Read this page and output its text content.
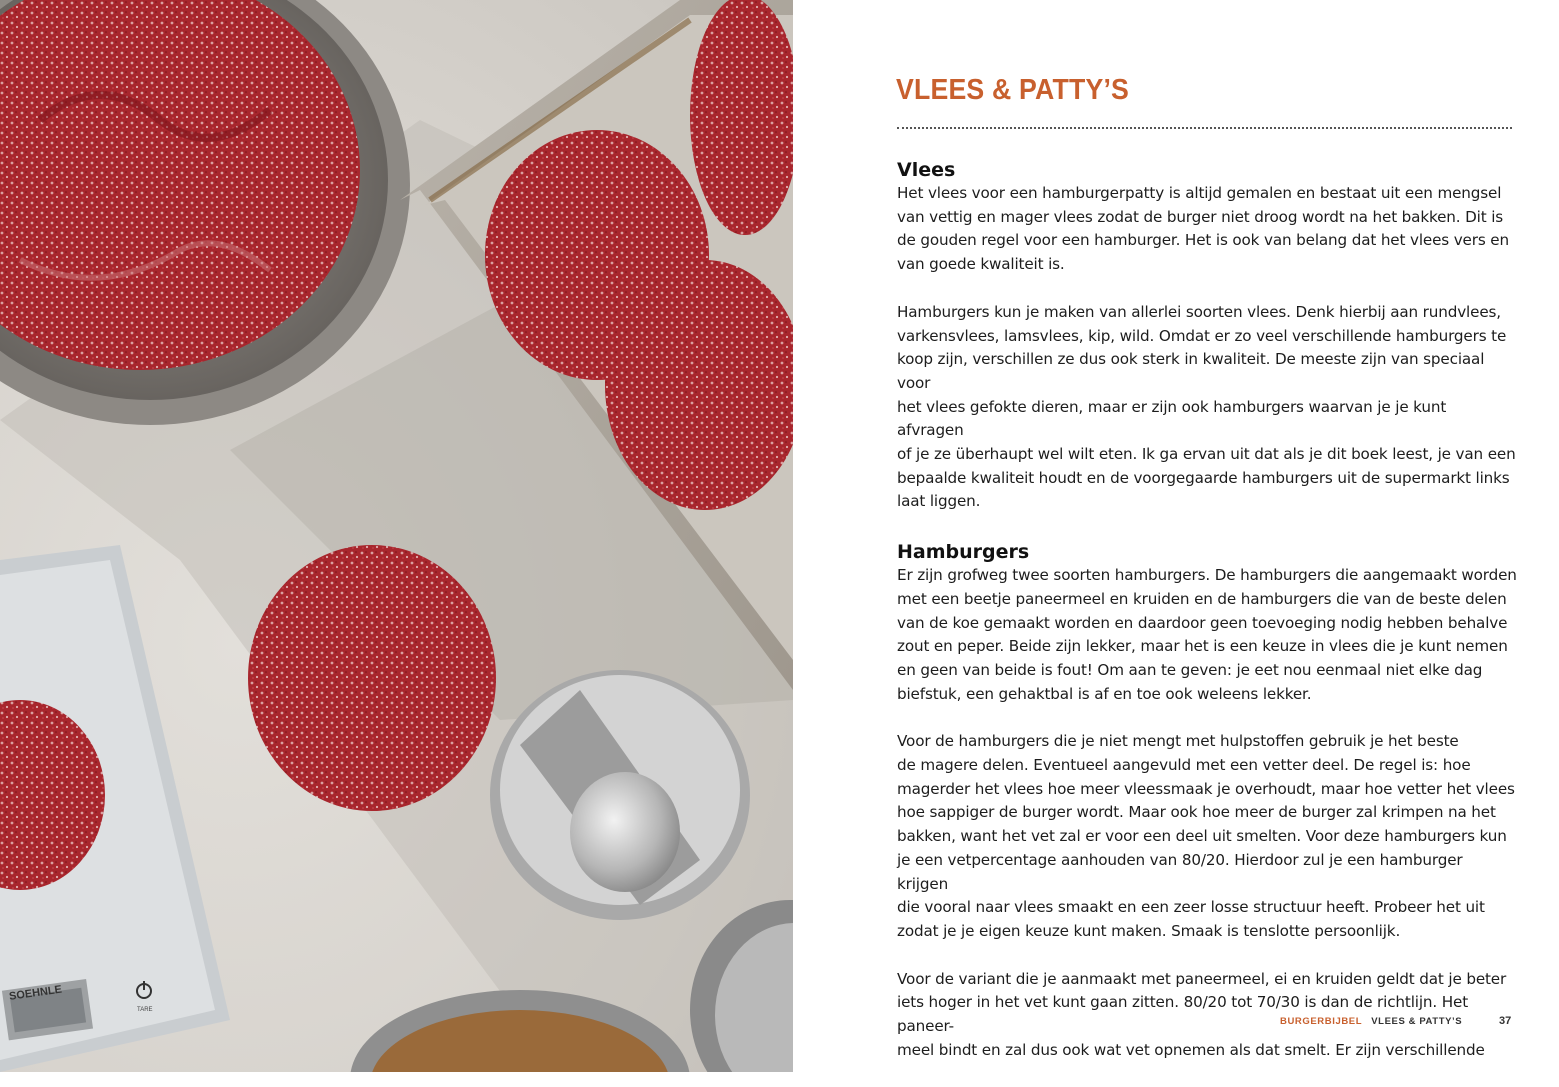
SOEHNLE
TARE
VLEES & PATTY’S
Vlees

Het vlees voor een hamburgerpatty is altijd gemalen en bestaat uit een mengsel
van vettig en mager vlees zodat de burger niet droog wordt na het bakken. Dit is
de gouden regel voor een hamburger. Het is ook van belang dat het vlees vers en
van goede kwaliteit is.

Hamburgers kun je maken van allerlei soorten vlees. Denk hierbij aan rundvlees,
varkensvlees, lamsvlees, kip, wild. Omdat er zo veel verschillende hamburgers te
koop zijn, verschillen ze dus ook sterk in kwaliteit. De meeste zijn van speciaal voor
het vlees gefokte dieren, maar er zijn ook hamburgers waarvan je je kunt afvragen
of je ze überhaupt wel wilt eten. Ik ga ervan uit dat als je dit boek leest, je van een
bepaalde kwaliteit houdt en de voorgegaarde hamburgers uit de supermarkt links
laat liggen.

Hamburgers

Er zijn grofweg twee soorten hamburgers. De hamburgers die aangemaakt worden
met een beetje paneermeel en kruiden en de hamburgers die van de beste delen
van de koe gemaakt worden en daardoor geen toevoeging nodig hebben behalve
zout en peper. Beide zijn lekker, maar het is een keuze in vlees die je kunt nemen
en geen van beide is fout! Om aan te geven: je eet nou eenmaal niet elke dag
biefstuk, een gehaktbal is af en toe ook weleens lekker.

Voor de hamburgers die je niet mengt met hulpstoffen gebruik je het beste
de magere delen. Eventueel aangevuld met een vetter deel. De regel is: hoe
magerder het vlees hoe meer vleessmaak je overhoudt, maar hoe vetter het vlees
hoe sappiger de burger wordt. Maar ook hoe meer de burger zal krimpen na het
bakken, want het vet zal er voor een deel uit smelten. Voor deze hamburgers kun
je een vetpercentage aanhouden van 80/20. Hierdoor zul je een hamburger krijgen
die vooral naar vlees smaakt en een zeer losse structuur heeft. Probeer het uit
zodat je je eigen keuze kunt maken. Smaak is tenslotte persoonlijk.

Voor de variant die je aanmaakt met paneermeel, ei en kruiden geldt dat je beter
iets hoger in het vet kunt gaan zitten. 80/20 tot 70/30 is dan de richtlijn. Het paneer-
meel bindt en zal dus ook wat vet opnemen als dat smelt. Er zijn verschillende

BURGERBIJBEL VLEES & PATTY’S	37
